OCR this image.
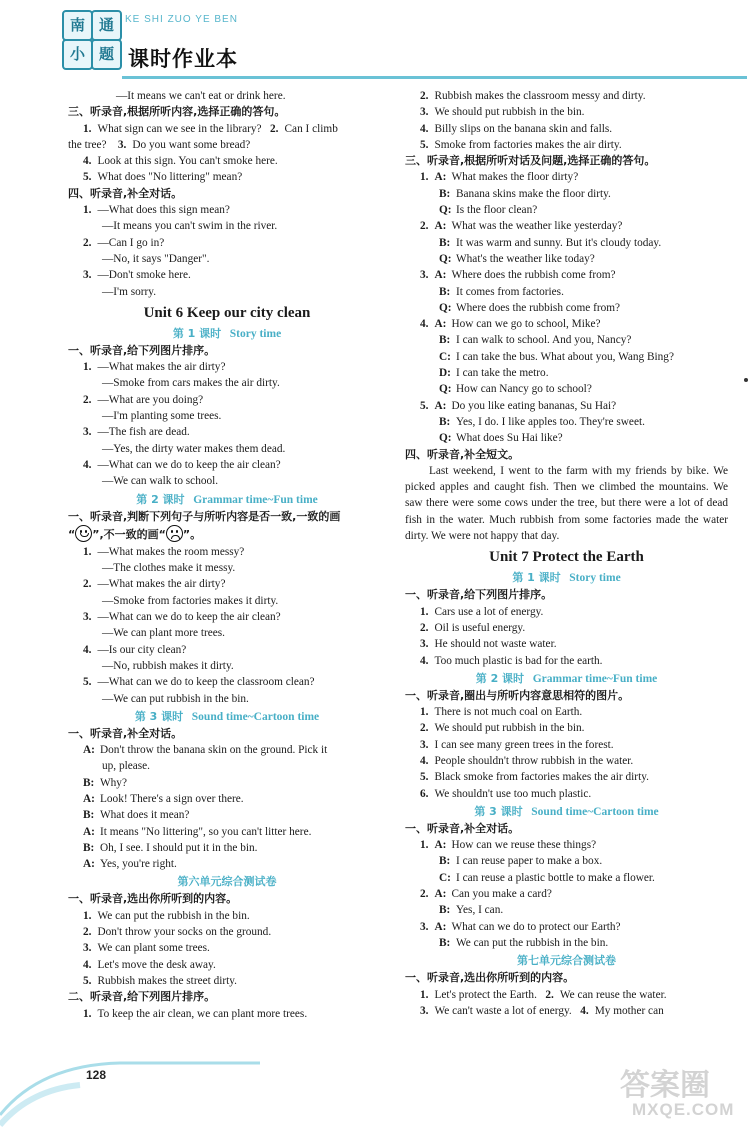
南 通
小 题
KE SHI ZUO YE BEN
课时作业本
—It means we can't eat or drink here.
三、听录音,根据所听内容,选择正确的答句。
1. What sign can we see in the library? 2. Can I climb
the tree? 3. Do you want some bread?
4. Look at this sign. You can't smoke here.
5. What does "No littering" mean?
四、听录音,补全对话。
1. —What does this sign mean?
—It means you can't swim in the river.
2. —Can I go in?
—No, it says "Danger".
3. —Don't smoke here.
—I'm sorry.
Unit 6 Keep our city clean
第 1 课时 Story time
一、听录音,给下列图片排序。
1. —What makes the air dirty?
—Smoke from cars makes the air dirty.
2. —What are you doing?
—I'm planting some trees.
3. —The fish are dead.
—Yes, the dirty water makes them dead.
4. —What can we do to keep the air clean?
—We can walk to school.
第 2 课时 Grammar time~Fun time
一、听录音,判断下列句子与所听内容是否一致,一致的画
“ ”,不一致的画“ ”。
1. —What makes the room messy?
—The clothes make it messy.
2. —What makes the air dirty?
—Smoke from factories makes it dirty.
3. —What can we do to keep the air clean?
—We can plant more trees.
4. —Is our city clean?
—No, rubbish makes it dirty.
5. —What can we do to keep the classroom clean?
—We can put rubbish in the bin.
第 3 课时 Sound time~Cartoon time
一、听录音,补全对话。
A: Don't throw the banana skin on the ground. Pick it
up, please.
B: Why?
A: Look! There's a sign over there.
B: What does it mean?
A: It means "No littering", so you can't litter here.
B: Oh, I see. I should put it in the bin.
A: Yes, you're right.
第六单元综合测试卷
一、听录音,选出你所听到的内容。
1. We can put the rubbish in the bin.
2. Don't throw your socks on the ground.
3. We can plant some trees.
4. Let's move the desk away.
5. Rubbish makes the street dirty.
二、听录音,给下列图片排序。
1. To keep the air clean, we can plant more trees.
2. Rubbish makes the classroom messy and dirty.
3. We should put rubbish in the bin.
4. Billy slips on the banana skin and falls.
5. Smoke from factories makes the air dirty.
三、听录音,根据所听对话及问题,选择正确的答句。
1. A: What makes the floor dirty?
B: Banana skins make the floor dirty.
Q: Is the floor clean?
2. A: What was the weather like yesterday?
B: It was warm and sunny. But it's cloudy today.
Q: What's the weather like today?
3. A: Where does the rubbish come from?
B: It comes from factories.
Q: Where does the rubbish come from?
4. A: How can we go to school, Mike?
B: I can walk to school. And you, Nancy?
C: I can take the bus. What about you, Wang Bing?
D: I can take the metro.
Q: How can Nancy go to school?
5. A: Do you like eating bananas, Su Hai?
B: Yes, I do. I like apples too. They're sweet.
Q: What does Su Hai like?
四、听录音,补全短文。
Last weekend, I went to the farm with my friends by bike. We picked apples and caught fish. Then we climbed the mountains. We saw there were some cows under the tree, but there were a lot of dead fish in the water. Much rubbish from some factories made the water dirty. We were not happy that day.
Unit 7 Protect the Earth
第 1 课时 Story time
一、听录音,给下列图片排序。
1. Cars use a lot of energy.
2. Oil is useful energy.
3. He should not waste water.
4. Too much plastic is bad for the earth.
第 2 课时 Grammar time~Fun time
一、听录音,圈出与所听内容意思相符的图片。
1. There is not much coal on Earth.
2. We should put rubbish in the bin.
3. I can see many green trees in the forest.
4. People shouldn't throw rubbish in the water.
5. Black smoke from factories makes the air dirty.
6. We shouldn't use too much plastic.
第 3 课时 Sound time~Cartoon time
一、听录音,补全对话。
1. A: How can we reuse these things?
B: I can reuse paper to make a box.
C: I can reuse a plastic bottle to make a flower.
2. A: Can you make a card?
B: Yes, I can.
3. A: What can we do to protect our Earth?
B: We can put the rubbish in the bin.
第七单元综合测试卷
一、听录音,选出你所听到的内容。
1. Let's protect the Earth. 2. We can reuse the water.
3. We can't waste a lot of energy. 4. My mother can
128	答案圈
MXQE.COM
